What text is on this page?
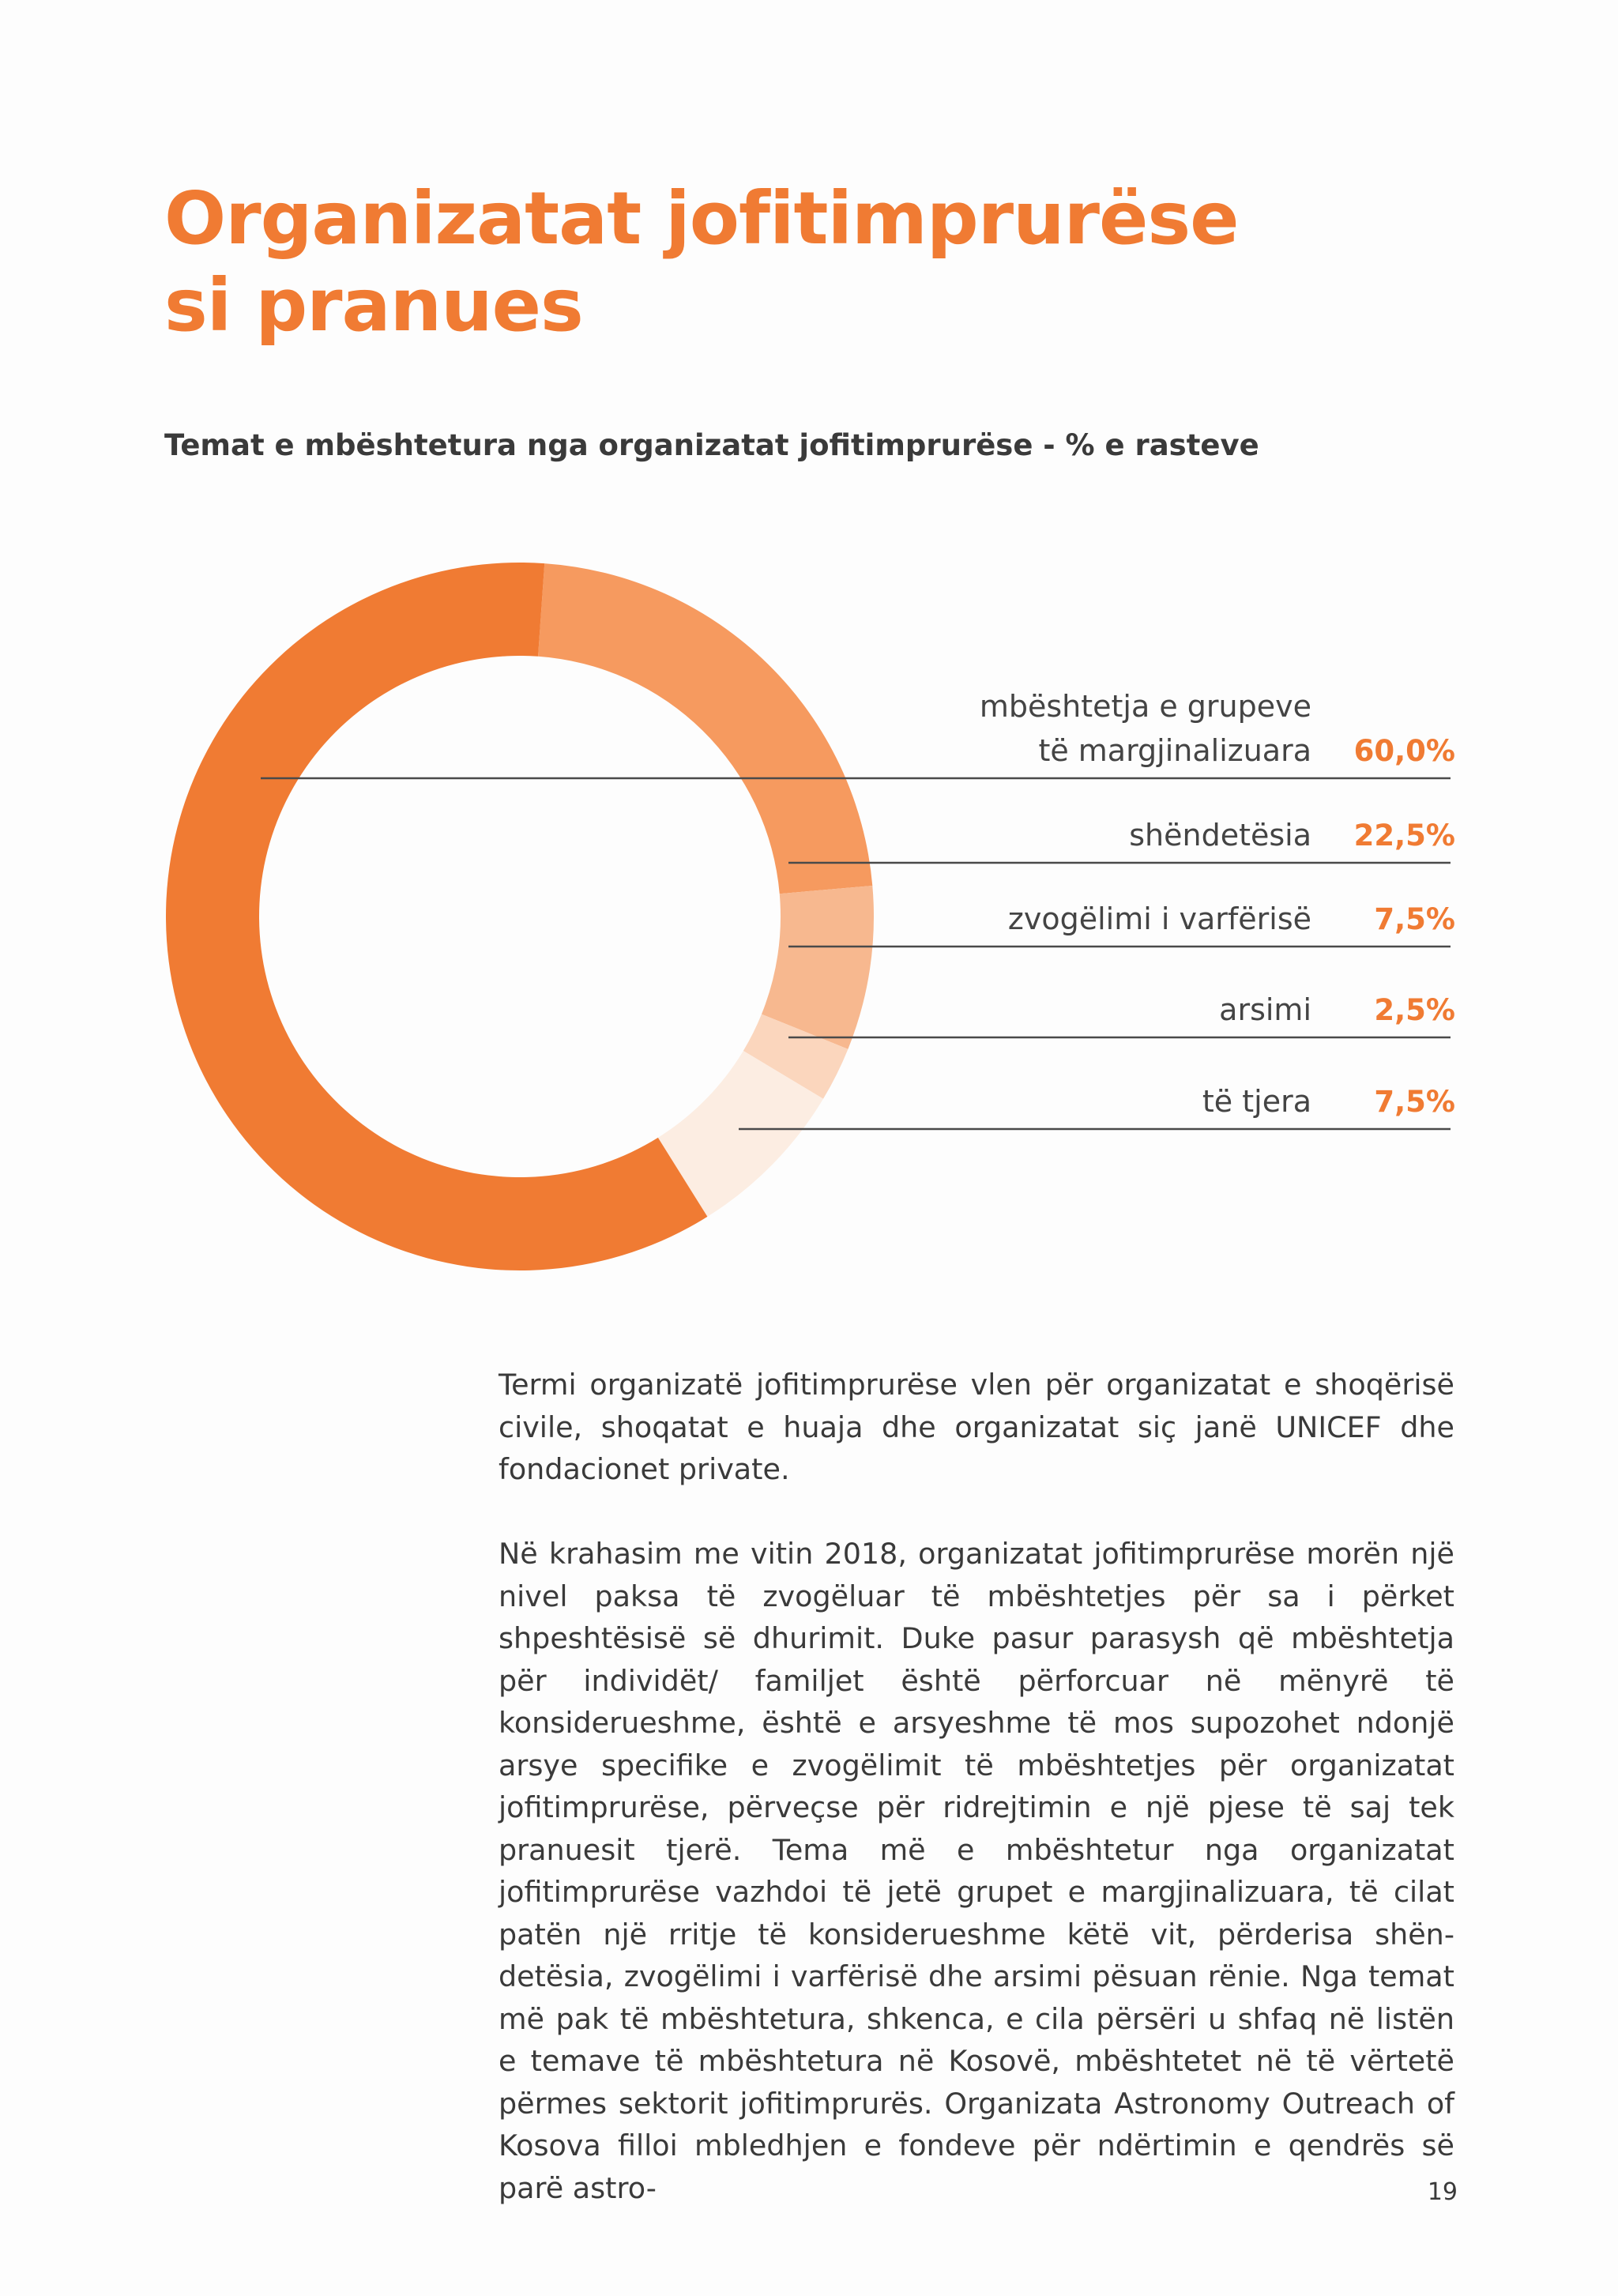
Organizatat jofitimprurëse
si pranues
Temat e mbështetura nga organizatat jofitimprurëse - % e rasteve
mbështetja e grupeve
të margjinalizuara 60,0%
shëndetësia 22,5%
zvogëlimi i varfërisë 7,5%
arsimi 2,5%
të tjera 7,5%

Termi organizatë jofitimprurëse vlen për organizatat e shoqërisë civile, shoqatat e huaja dhe organizatat siç janë UNICEF dhe fondacionet private.

Në krahasim me vitin 2018, organizatat jofitimprurëse morën një nivel paksa të zvogëluar të mbështetjes për sa i përket shpeshtësisë së dhurimit. Duke pasur parasysh që mbështetja për individët/ familjet është përforcuar në mënyrë të konsiderueshme, është e arsyeshme të mos supozohet ndonjë arsye specifike e zvogëlimit të mbështetjes për organizatat jofitimprurëse, përveçse për ridrejtimin e një pjese të saj tek pranuesit tjerë. Tema më e mbështetur nga organizatat jofitimprurëse vazhdoi të jetë grupet e margjinalizuara, të cilat patën një rritje të konsiderueshme këtë vit, përderisa shëndetësia, zvogëlimi i varfërisë dhe arsimi pësuan rënie. Nga temat më pak të mbështetura, shkenca, e cila përsëri u shfaq në listën e temave të mbështetura në Kosovë, mbështetet në të vërtetë përmes sektorit jofitimprurës. Organizata Astronomy Outreach of Kosova filloi mbledhjen e fondeve për ndërtimin e qendrës së parë astro-	19
